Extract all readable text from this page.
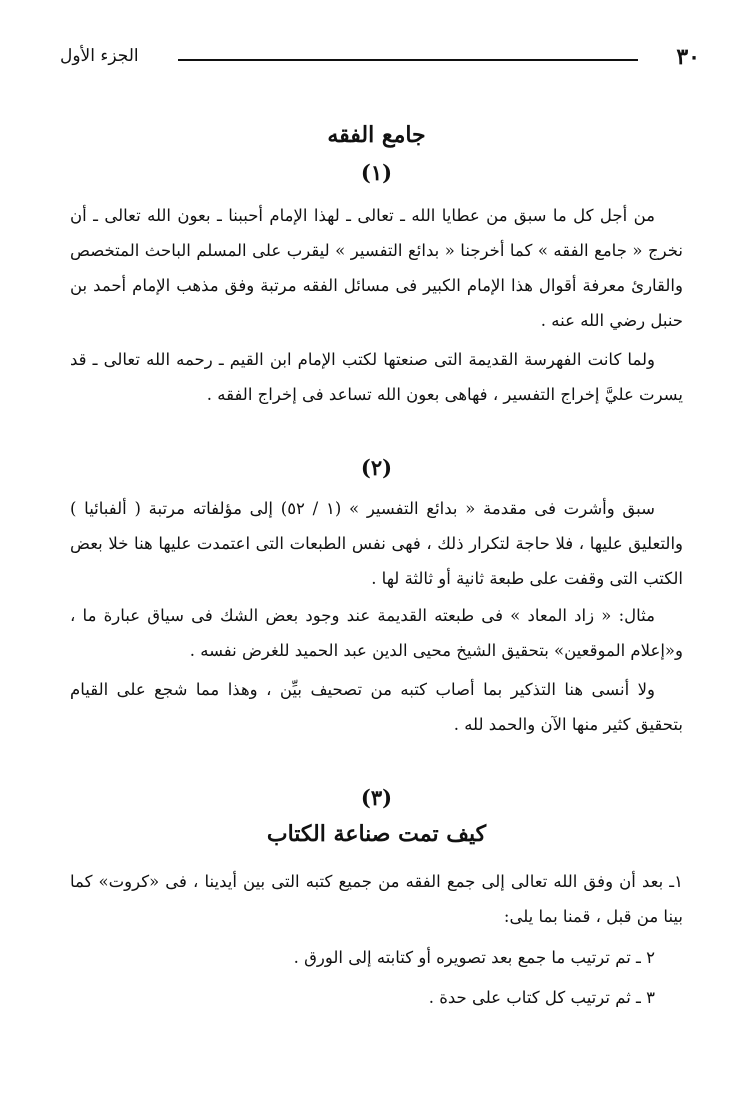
٣٠
الجزء الأول
جامع الفقه
(١)

من أجل كل ما سبق من عطايا الله ـ تعالى ـ لهذا الإمام أحببنا ـ بعون الله تعالى ـ أن نخرج « جامع الفقه » كما أخرجنا « بدائع التفسير » ليقرب على المسلم الباحث المتخصص والقارئ معرفة أقوال هذا الإمام الكبير فى مسائل الفقه مرتبة وفق مذهب الإمام أحمد بن حنبل رضي الله عنه .

ولما كانت الفهرسة القديمة التى صنعتها لكتب الإمام ابن القيم ـ رحمه الله تعالى ـ قد يسرت عليَّ إخراج التفسير ، فهاهى بعون الله تساعد فى إخراج الفقه .

(٢)

سبق وأشرت فى مقدمة « بدائع التفسير » (١ / ٥٢) إلى مؤلفاته مرتبة ( ألفبائيا ) والتعليق عليها ، فلا حاجة لتكرار ذلك ، فهى نفس الطبعات التى اعتمدت عليها هنا خلا بعض الكتب التى وقفت على طبعة ثانية أو ثالثة لها .

مثال: « زاد المعاد » فى طبعته القديمة عند وجود بعض الشك فى سياق عبارة ما ، و«إعلام الموقعين» بتحقيق الشيخ محيى الدين عبد الحميد للغرض نفسه .

ولا أنسى هنا التذكير بما أصاب كتبه من تصحيف بيِّن ، وهذا مما شجع على القيام بتحقيق كثير منها الآن والحمد لله .

(٣)
كيف تمت صناعة الكتاب

١ـ بعد أن وفق الله تعالى إلى جمع الفقه من جميع كتبه التى بين أيدينا ، فى «كروت» كما بينا من قبل ، قمنا بما يلى:

٢ ـ تم ترتيب ما جمع بعد تصويره أو كتابته إلى الورق .

٣ ـ ثم ترتيب كل كتاب على حدة .
